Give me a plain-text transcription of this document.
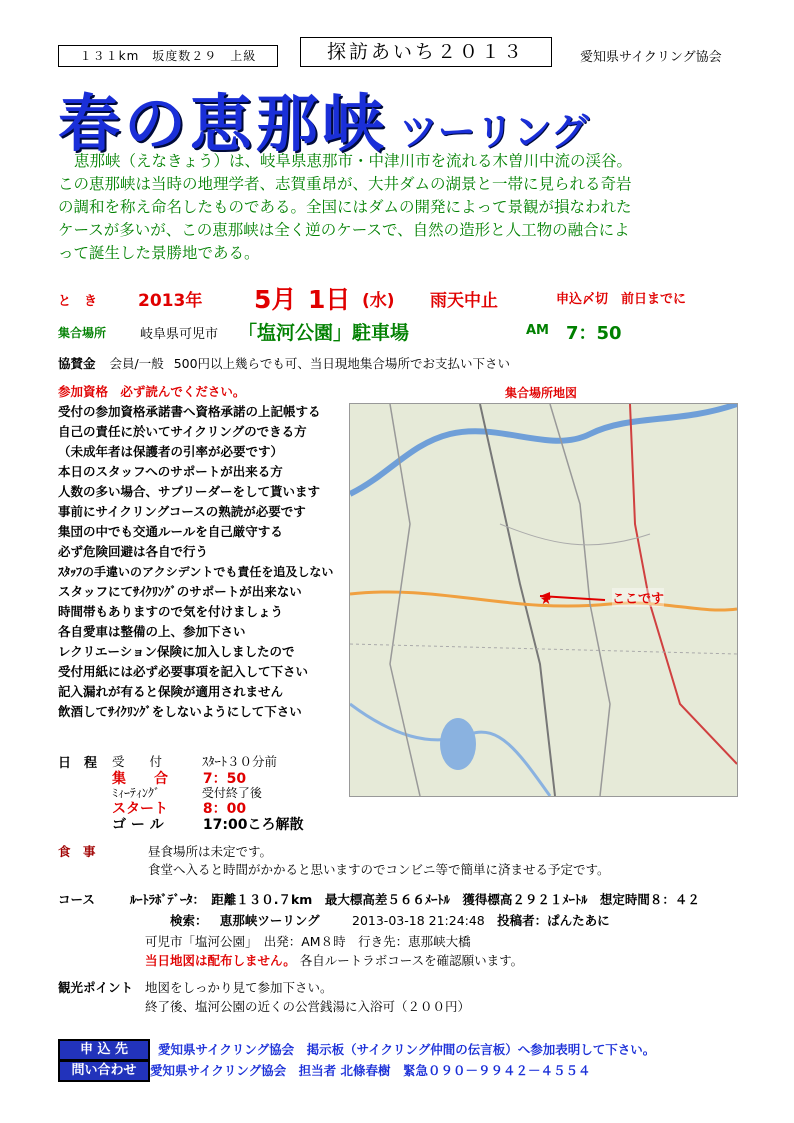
１３１km　坂度数２９　上級	探訪あいち２０１３	愛知県サイクリング協会
春の恵那峡 ツーリング
恵那峡（えなきょう）は、岐阜県恵那市・中津川市を流れる木曽川中流の渓谷。
この恵那峡は当時の地理学者、志賀重昂が、大井ダムの湖景と一帯に見られる奇岩
の調和を称え命名したものである。全国にはダムの開発によって景観が損なわれた
ケースが多いが、この恵那峡は全く逆のケースで、自然の造形と人工物の融合によ
って誕生した景勝地である。
と　き 2013年 5月 1日 (水) 雨天中止	申込〆切　前日までに
集合場所	岐阜県可児市 「塩河公園」駐車場	AM 7：50
協賛金 会員/一般 500円以上幾らでも可、当日現地集合場所でお支払い下さい
参加資格 必ず読んでください。
受付の参加資格承諾書へ資格承諾の上記帳する
自己の責任に於いてサイクリングのできる方
（未成年者は保護者の引率が必要です）
本日のスタッフへのサポートが出来る方
人数の多い場合、サブリーダーをして貰います
事前にサイクリングコースの熟読が必要です
集団の中でも交通ルールを自己厳守する
必ず危険回避は各自で行う
ｽﾀｯﾌの手違いのアクシデントでも責任を追及しない
スタッフにてｻｲｸﾘﾝｸﾞのサポートが出来ない
時間帯もありますので気を付けましょう
各自愛車は整備の上、参加下さい
レクリエーション保険に加入しましたので
受付用紙には必ず必要事項を記入して下さい
記入漏れが有ると保険が適用されません
飲酒してｻｲｸﾘﾝｸﾞをしないようにして下さい
集合場所地図
★	ここです
日　程 受　　付	ｽﾀｰﾄ３０分前
集　　合 7：50
ﾐｨｰﾃｨﾝｸﾞ	受付終了後
スタート 8：00
ゴ ー ル	17:00ころ解散
食　事	昼食場所は未定です。
食堂へ入ると時間がかかると思いますのでコンビニ等で簡単に済ませる予定です。
コース	ﾙｰﾄﾗﾎﾞﾃﾞｰﾀ：　距離１３０.７km　最大標高差５６６ﾒｰﾄﾙ　獲得標高２９２１ﾒｰﾄﾙ　想定時間８：４２
検索： 恵那峡ツーリング	2013-03-18 21:24:48 投稿者：ぱんたあに
可児市「塩河公園」　出発：AM８時　行き先：恵那峡大橋
当日地図は配布しません。 各自ルートラボコースを確認願います。
観光ポイント 地図をしっかり見て参加下さい。
終了後、塩河公園の近くの公営銭湯に入浴可（２００円）
申 込 先	愛知県サイクリング協会　掲示板（サイクリング仲間の伝言板）へ参加表明して下さい。
問い合わせ	愛知県サイクリング協会　担当者 北條春樹　緊急０９０－９９４２－４５５４
